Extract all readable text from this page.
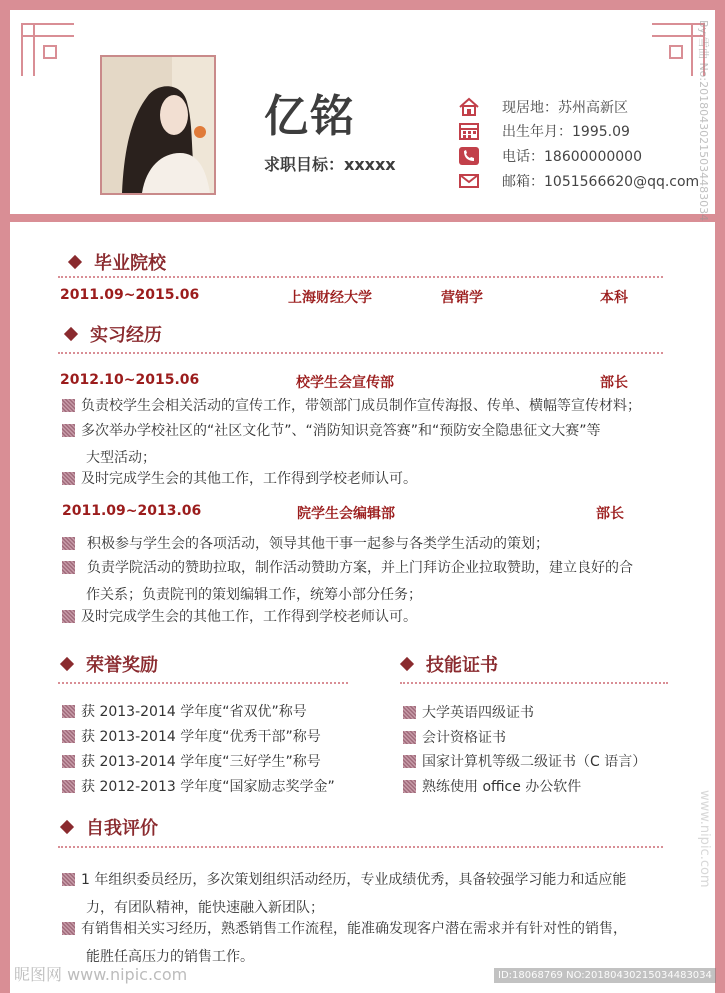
亿铭
求职目标：xxxxx
现居地：苏州高新区
出生年月：1995.09
电话：18600000000
邮箱：1051566620@qq.com
毕业院校
2011.09~2015.06	上海财经大学	营销学	本科
实习经历
2012.10~2015.06	校学生会宣传部	部长
负责校学生会相关活动的宣传工作，带领部门成员制作宣传海报、传单、横幅等宣传材料；
多次举办学校社区的“社区文化节”、“消防知识竞答赛”和“预防安全隐患征文大赛”等
大型活动；
及时完成学生会的其他工作，工作得到学校老师认可。
2011.09~2013.06	院学生会编辑部	部长
积极参与学生会的各项活动，领导其他干事一起参与各类学生活动的策划；
负责学院活动的赞助拉取，制作活动赞助方案，并上门拜访企业拉取赞助，建立良好的合
作关系；负责院刊的策划编辑工作，统筹小部分任务；
及时完成学生会的其他工作，工作得到学校老师认可。
荣誉奖励
获 2013-2014 学年度“省双优”称号
获 2013-2014 学年度“优秀干部”称号
获 2013-2014 学年度“三好学生”称号
获 2012-2013 学年度“国家励志奖学金”
技能证书
大学英语四级证书
会计资格证书
国家计算机等级二级证书（C 语言）
熟练使用 office 办公软件
自我评价
1 年组织委员经历，多次策划组织活动经历，专业成绩优秀，具备较强学习能力和适应能
力，有团队精神，能快速融入新团队；
有销售相关实习经历，熟悉销售工作流程，能准确发现客户潜在需求并有针对性的销售，
能胜任高压力的销售工作。
昵图网 www.nipic.com	ID:18068769 NO:20180430215034483034
By:雪曲 No:20180430215034483034
www.nipic.com
